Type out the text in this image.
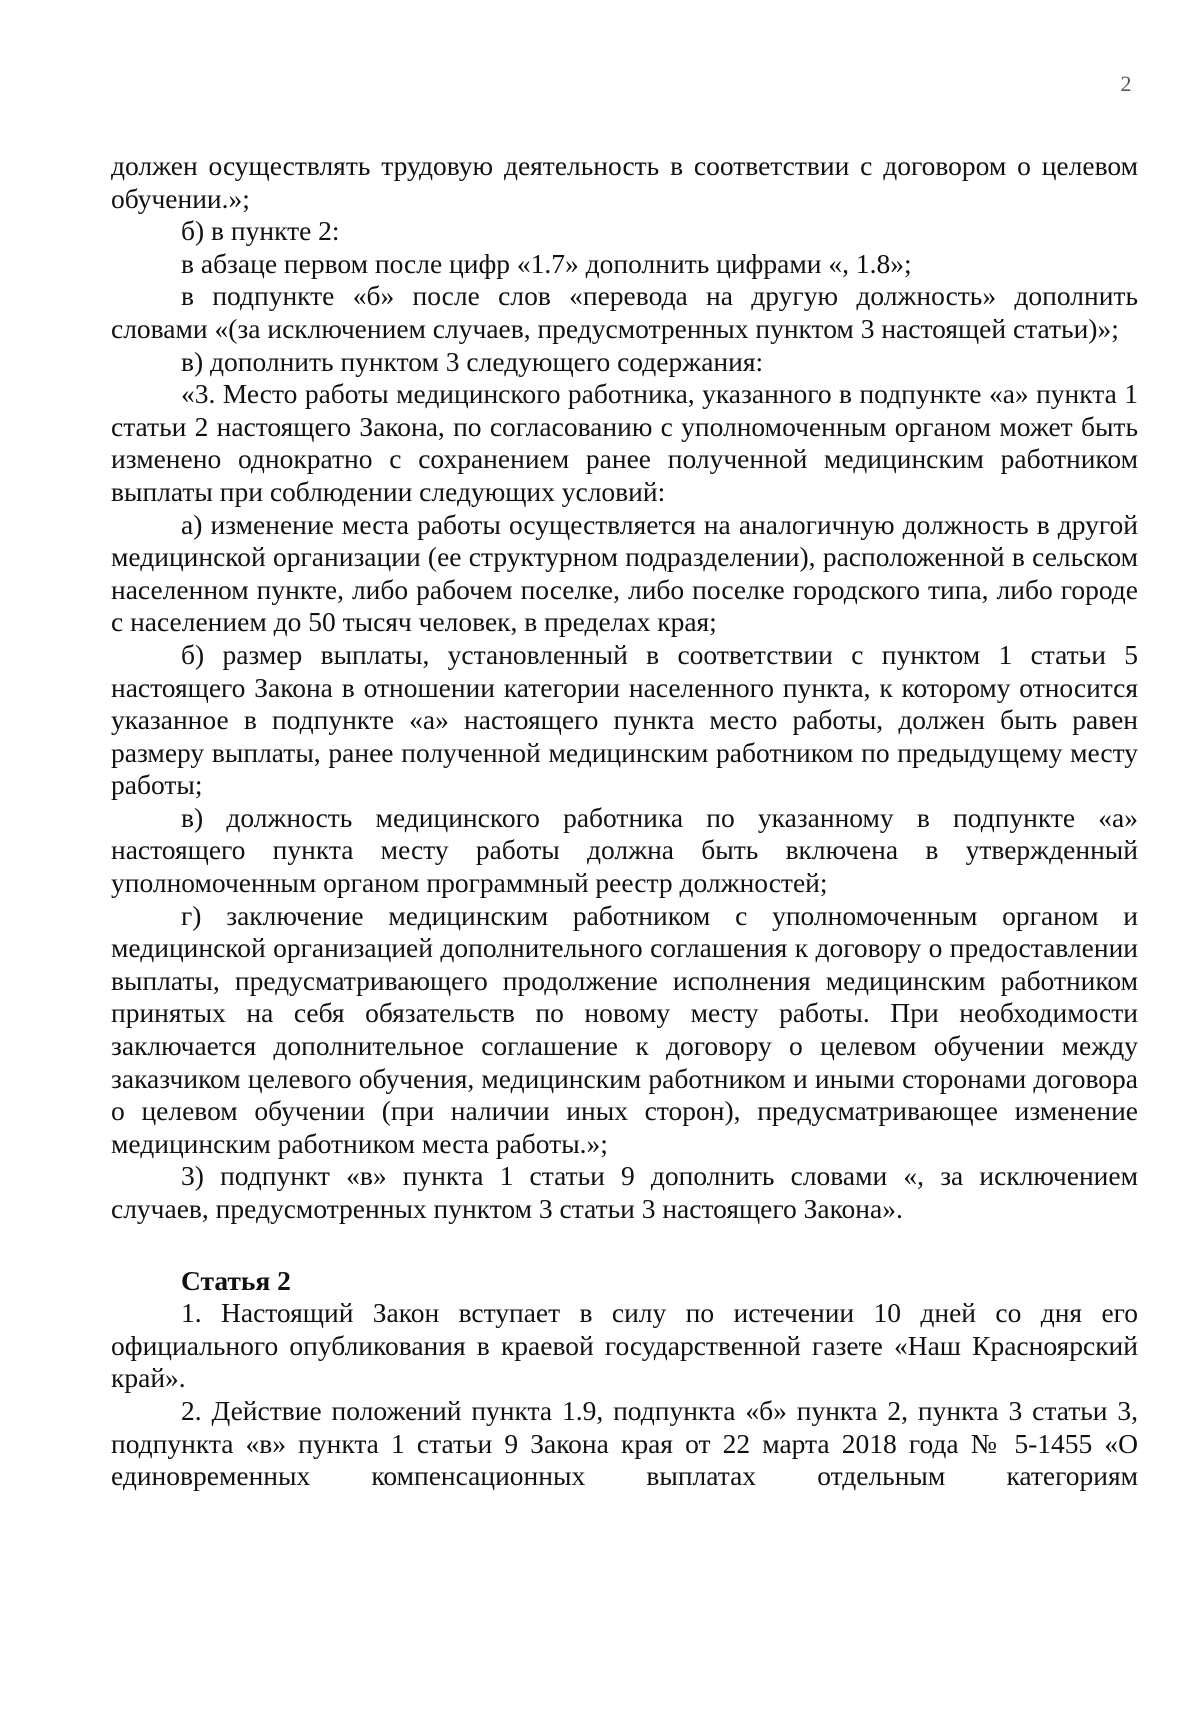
2

должен осуществлять трудовую деятельность в соответствии с договором о целевом обучении.»;

б) в пункте 2:

в абзаце первом после цифр «1.7» дополнить цифрами «, 1.8»;

в подпункте «б» после слов «перевода на другую должность» дополнить словами «(за исключением случаев, предусмотренных пунктом 3 настоящей статьи)»;

в) дополнить пунктом 3 следующего содержания:

«3. Место работы медицинского работника, указанного в подпункте «а» пункта 1 статьи 2 настоящего Закона, по согласованию с уполномоченным органом может быть изменено однократно с сохранением ранее полученной медицинским работником выплаты при соблюдении следующих условий:

а) изменение места работы осуществляется на аналогичную должность в другой медицинской организации (ее структурном подразделении), расположенной в сельском населенном пункте, либо рабочем поселке, либо поселке городского типа, либо городе с населением до 50 тысяч человек, в пределах края;

б) размер выплаты, установленный в соответствии с пунктом 1 статьи 5 настоящего Закона в отношении категории населенного пункта, к которому относится указанное в подпункте «а» настоящего пункта место работы, должен быть равен размеру выплаты, ранее полученной медицинским работником по предыдущему месту работы;

в) должность медицинского работника по указанному в подпункте «а» настоящего пункта месту работы должна быть включена в утвержденный уполномоченным органом программный реестр должностей;

г) заключение медицинским работником с уполномоченным органом и медицинской организацией дополнительного соглашения к договору о предоставлении выплаты, предусматривающего продолжение исполнения медицинским работником принятых на себя обязательств по новому месту работы. При необходимости заключается дополнительное соглашение к договору о целевом обучении между заказчиком целевого обучения, медицинским работником и иными сторонами договора о целевом обучении (при наличии иных сторон), предусматривающее изменение медицинским работником места работы.»;

3) подпункт «в» пункта 1 статьи 9 дополнить словами «, за исключением случаев, предусмотренных пунктом 3 статьи 3 настоящего Закона».

Статья 2

1. Настоящий Закон вступает в силу по истечении 10 дней со дня его официального опубликования в краевой государственной газете «Наш Красноярский край».

2. Действие положений пункта 1.9, подпункта «б» пункта 2, пункта 3 статьи 3, подпункта «в» пункта 1 статьи 9 Закона края от 22 марта 2018 года № 5-1455 «О единовременных компенсационных выплатах отдельным категориям
